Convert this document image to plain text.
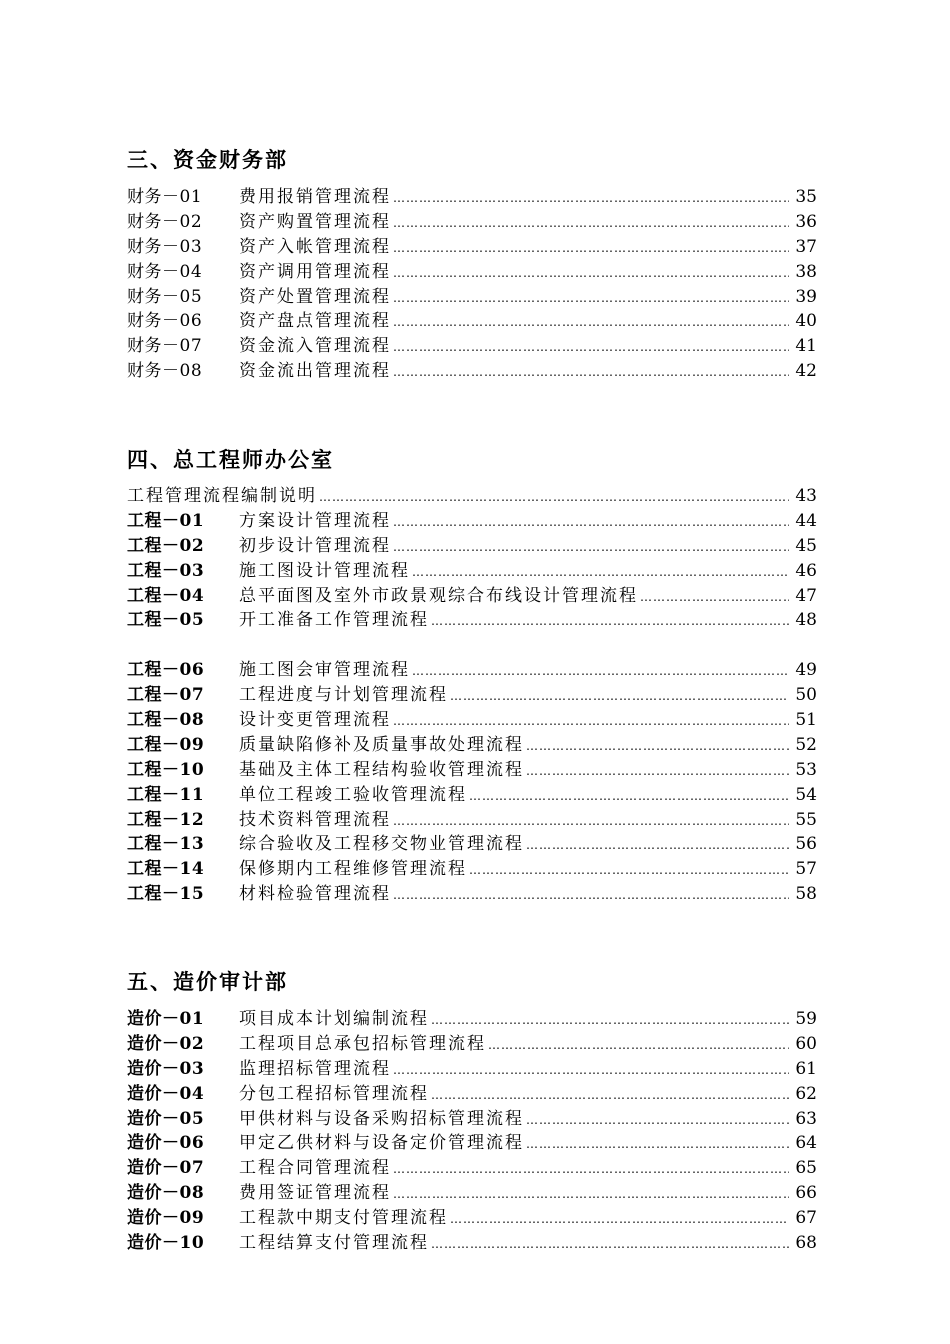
三、资金财务部
财务－01	费用报销管理流程 …………………………………………………………………………………………………………………………………………………………………………………………	35
财务－02	资产购置管理流程 …………………………………………………………………………………………………………………………………………………………………………………………	36
财务－03	资产入帐管理流程 …………………………………………………………………………………………………………………………………………………………………………………………	37
财务－04	资产调用管理流程 …………………………………………………………………………………………………………………………………………………………………………………………	38
财务－05	资产处置管理流程 …………………………………………………………………………………………………………………………………………………………………………………………	39
财务－06	资产盘点管理流程 …………………………………………………………………………………………………………………………………………………………………………………………	40
财务－07	资金流入管理流程 …………………………………………………………………………………………………………………………………………………………………………………………	41
财务－08	资金流出管理流程 …………………………………………………………………………………………………………………………………………………………………………………………	42
四、总工程师办公室
工程管理流程编制说明 …………………………………………………………………………………………………………………………………………………………………………………………	43
工程－01	方案设计管理流程 …………………………………………………………………………………………………………………………………………………………………………………………	44
工程－02	初步设计管理流程 …………………………………………………………………………………………………………………………………………………………………………………………	45
工程－03	施工图设计管理流程 …………………………………………………………………………………………………………………………………………………………………………………………	46
工程－04	总平面图及室外市政景观综合布线设计管理流程 …………………………………………………………………………………………………………………………………………………………………………………………	47
工程－05	开工准备工作管理流程 …………………………………………………………………………………………………………………………………………………………………………………………	48
工程－06	施工图会审管理流程 …………………………………………………………………………………………………………………………………………………………………………………………	49
工程－07	工程进度与计划管理流程 …………………………………………………………………………………………………………………………………………………………………………………………	50
工程－08	设计变更管理流程 …………………………………………………………………………………………………………………………………………………………………………………………	51
工程－09	质量缺陷修补及质量事故处理流程 …………………………………………………………………………………………………………………………………………………………………………………………	52
工程－10	基础及主体工程结构验收管理流程 …………………………………………………………………………………………………………………………………………………………………………………………	53
工程－11	单位工程竣工验收管理流程 …………………………………………………………………………………………………………………………………………………………………………………………	54
工程－12	技术资料管理流程 …………………………………………………………………………………………………………………………………………………………………………………………	55
工程－13	综合验收及工程移交物业管理流程 …………………………………………………………………………………………………………………………………………………………………………………………	56
工程－14	保修期内工程维修管理流程 …………………………………………………………………………………………………………………………………………………………………………………………	57
工程－15	材料检验管理流程 …………………………………………………………………………………………………………………………………………………………………………………………	58
五、造价审计部
造价－01	项目成本计划编制流程 …………………………………………………………………………………………………………………………………………………………………………………………	59
造价－02	工程项目总承包招标管理流程 …………………………………………………………………………………………………………………………………………………………………………………………	60
造价－03	监理招标管理流程 …………………………………………………………………………………………………………………………………………………………………………………………	61
造价－04	分包工程招标管理流程 …………………………………………………………………………………………………………………………………………………………………………………………	62
造价－05	甲供材料与设备采购招标管理流程 …………………………………………………………………………………………………………………………………………………………………………………………	63
造价－06	甲定乙供材料与设备定价管理流程 …………………………………………………………………………………………………………………………………………………………………………………………	64
造价－07	工程合同管理流程 …………………………………………………………………………………………………………………………………………………………………………………………	65
造价－08	费用签证管理流程 …………………………………………………………………………………………………………………………………………………………………………………………	66
造价－09	工程款中期支付管理流程 …………………………………………………………………………………………………………………………………………………………………………………………	67
造价－10	工程结算支付管理流程 …………………………………………………………………………………………………………………………………………………………………………………………	68
